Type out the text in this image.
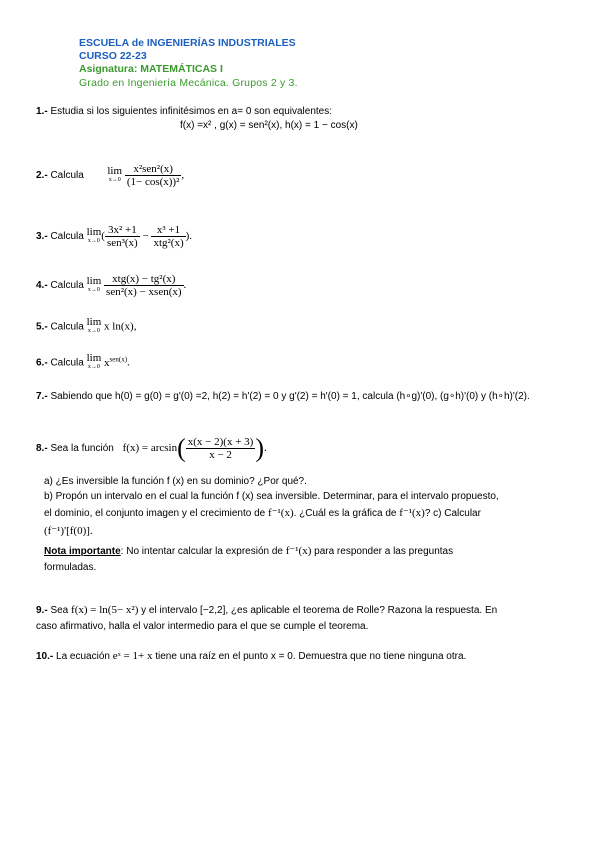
ESCUELA de INGENIERÍAS INDUSTRIALES
CURSO 22-23
Asignatura: MATEMÁTICAS I
Grado en Ingeniería Mecánica. Grupos 2 y 3.
1.- Estudia si los siguientes infinitésimos en a= 0 son equivalentes:
f(x) =x² , g(x) = sen²(x), h(x) = 1 − cos(x)
2.- Calcula lim
x→0
$\frac{\text{x²sen²(x)}}{\text{(1− cos(x))²}}$ ,
3.- Calcula lim
x→0 ( $\frac{\text{3x² +1}}{\text{sen³(x)}} - \frac{\text{x³ +1}}{\text{xtg²(x)}}$ ).
4.- Calcula lim
x→0
$\frac{\text{xtg(x) − tg²(x)}}{\text{sen²(x) − xsen(x)}}$ .
5.- Calcula lim
x→0 x ln(x),
6.- Calcula lim
x→0 $x^{sen(x)}$.
7.- Sabiendo que h(0) = g(0) = g'(0) =2, h(2) = h'(2) = 0 y g'(2) = h'(0) = 1, calcula (h∘g)'(0), (g∘h)'(0) y (h∘h)'(2).
8.- Sea la función $f(x) = \arcsin( \frac{x(x - 2)(x + 3)}{x - 2}$ ).
a) ¿Es inversible la función f (x) en su dominio? ¿Por qué?.
b) Propón un intervalo en el cual la función f (x) sea inversible. Determinar, para el intervalo propuesto,
el dominio, el conjunto imagen y el crecimiento de f⁻¹(x). ¿Cuál es la gráfica de f⁻¹(x)? c) Calcular
(f⁻¹)'[f(0)].
Nota importante: No intentar calcular la expresión de f⁻¹(x) para responder a las preguntas
formuladas.
9.- Sea f(x) = ln(5− x²) y el intervalo [−2,2], ¿es aplicable el teorema de Rolle? Razona la respuesta. En
caso afirmativo, halla el valor intermedio para el que se cumple el teorema.
10.- La ecuación eˣ = 1+ x tiene una raíz en el punto x = 0. Demuestra que no tiene ninguna otra.
